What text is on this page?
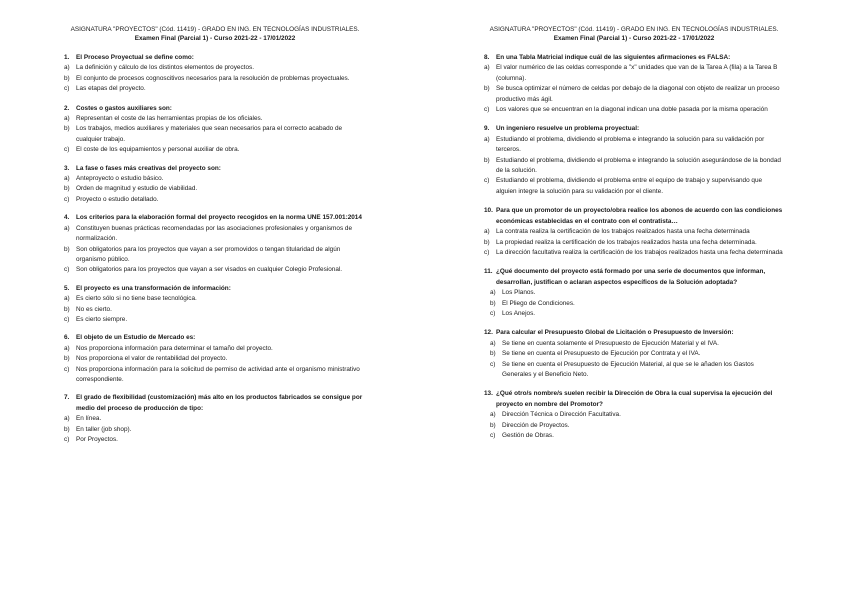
ASIGNATURA "PROYECTOS" (Cód. 11419) - GRADO EN ING. EN TECNOLOGÍAS INDUSTRIALES.
Examen Final (Parcial 1) - Curso 2021-22 - 17/01/2022
1.	El Proceso Proyectual se define como:
a) La definición y cálculo de los distintos elementos de proyectos.
b) El conjunto de procesos cognoscitivos necesarios para la resolución de problemas proyectuales.
c)	Las etapas del proyecto.
2.	Costes o gastos auxiliares son:
a) Representan el coste de las herramientas propias de los oficiales.
b) Los trabajos, medios auxiliares y materiales que sean necesarios para el correcto acabado de cualquier trabajo.
c)	El coste de los equipamientos y personal auxiliar de obra.
3.	La fase o fases más creativas del proyecto son:
a) Anteproyecto o estudio básico.
b) Orden de magnitud y estudio de viabilidad.
c)	Proyecto o estudio detallado.
4.	Los criterios para la elaboración formal del proyecto recogidos en la norma UNE 157.001:2014
a) Constituyen buenas prácticas recomendadas por las asociaciones profesionales y organismos de normalización.
b) Son obligatorios para los proyectos que vayan a ser promovidos o tengan titularidad de algún organismo público.
c)	Son obligatorios para los proyectos que vayan a ser visados en cualquier Colegio Profesional.
5.	El proyecto es una transformación de información:
a) Es cierto sólo si no tiene base tecnológica.
b) No es cierto.
c)	Es cierto siempre.
6.	El objeto de un Estudio de Mercado es:
a) Nos proporciona información para determinar el tamaño del proyecto.
b) Nos proporciona el valor de rentabilidad del proyecto.
c)	Nos proporciona información para la solicitud de permiso de actividad ante el organismo ministrativo correspondiente.
7.	El grado de flexibilidad (customización) más alto en los productos fabricados se consigue por medio del proceso de producción de tipo:
a) En línea.
b) En taller (job shop).
c)	Por Proyectos.
ASIGNATURA "PROYECTOS" (Cód. 11419) - GRADO EN ING. EN TECNOLOGÍAS INDUSTRIALES.
Examen Final (Parcial 1) - Curso 2021-22 - 17/01/2022
8.	En una Tabla Matricial indique cuál de las siguientes afirmaciones es FALSA:
a) El valor numérico de las celdas corresponde a "x" unidades que van de la Tarea A (fila) a la Tarea B (columna).
b) Se busca optimizar el número de celdas por debajo de la diagonal con objeto de realizar un proceso productivo más ágil.
c)	Los valores que se encuentran en la diagonal indican una doble pasada por la misma operación
9.	Un ingeniero resuelve un problema proyectual:
a) Estudiando el problema, dividiendo el problema e integrando la solución para su validación por terceros.
b) Estudiando el problema, dividiendo el problema e integrando la solución asegurándose de la bondad de la solución.
c)	Estudiando el problema, dividiendo el problema entre el equipo de trabajo y supervisando que alguien integre la solución para su validación por el cliente.
10. Para que un promotor de un proyecto/obra realice los abonos de acuerdo con las condiciones económicas establecidas en el contrato con el contratista…
a) La contrata realiza la certificación de los trabajos realizados hasta una fecha determinada
b) La propiedad realiza la certificación de los trabajos realizados hasta una fecha determinada.
c)	La dirección facultativa realiza la certificación de los trabajos realizados hasta una fecha determinada
11. ¿Qué documento del proyecto está formado por una serie de documentos que informan, desarrollan, justifican o aclaran aspectos específicos de la Solución adoptada?
a) Los Planos.
b) El Pliego de Condiciones.
c)	Los Anejos.
12. Para calcular el Presupuesto Global de Licitación o Presupuesto de Inversión:
a) Se tiene en cuenta solamente el Presupuesto de Ejecución Material y el IVA.
b) Se tiene en cuenta el Presupuesto de Ejecución por Contrata y el IVA.
c)	Se tiene en cuenta el Presupuesto de Ejecución Material, al que se le añaden los Gastos Generales y el Beneficio Neto.
13. ¿Qué otro/s nombre/s suelen recibir la Dirección de Obra la cual supervisa la ejecución del proyecto en nombre del Promotor?
a) Dirección Técnica o Dirección Facultativa.
b) Dirección de Proyectos.
c)	Gestión de Obras.
